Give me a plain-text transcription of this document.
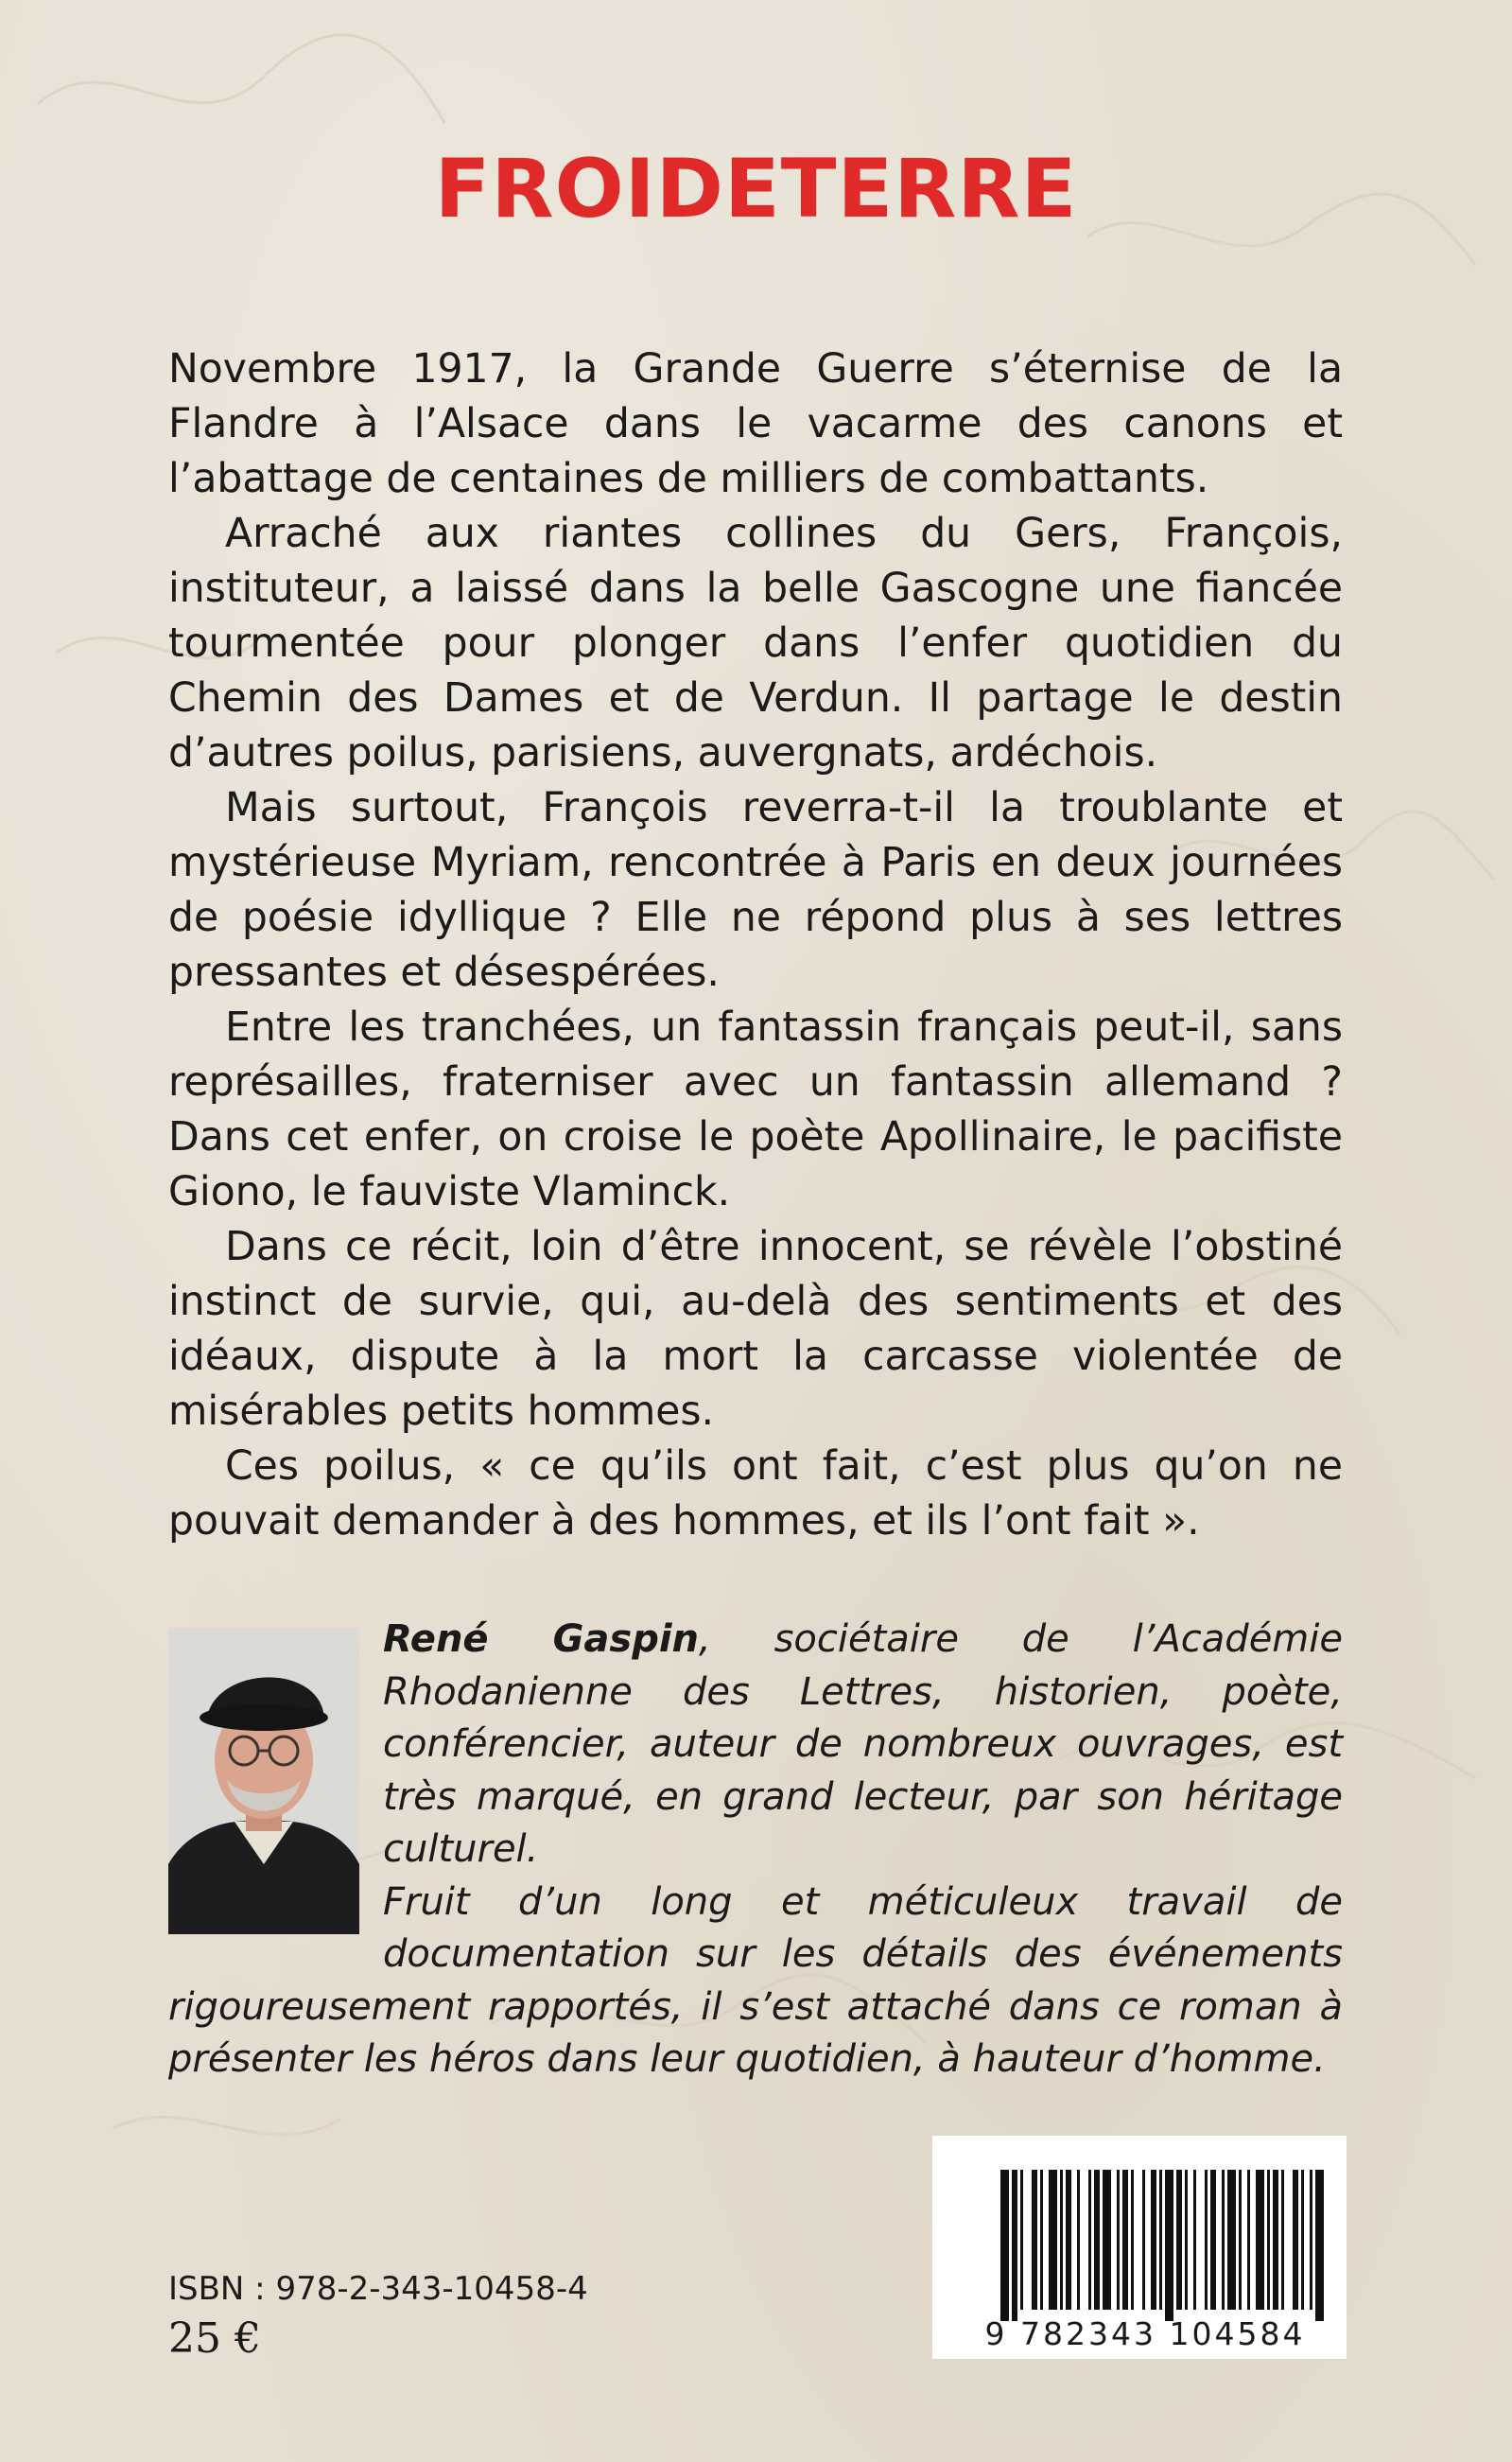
FROIDETERRE

Novembre 1917, la Grande Guerre s’éternise de la Flandre à l’Alsace dans le vacarme des canons et l’abattage de centaines de milliers de combattants.

Arraché aux riantes collines du Gers, François, instituteur, a laissé dans la belle Gascogne une fiancée tourmentée pour plonger dans l’enfer quotidien du Chemin des Dames et de Verdun. Il partage le destin d’autres poilus, parisiens, auvergnats, ardéchois.

Mais surtout, François reverra-t-il la troublante et mystérieuse Myriam, rencontrée à Paris en deux journées de poésie idyllique ? Elle ne répond plus à ses lettres pressantes et désespérées.

Entre les tranchées, un fantassin français peut-il, sans représailles, fraterniser avec un fantassin allemand ? Dans cet enfer, on croise le poète Apollinaire, le pacifiste Giono, le fauviste Vlaminck.

Dans ce récit, loin d’être innocent, se révèle l’obstiné instinct de survie, qui, au-delà des sentiments et des idéaux, dispute à la mort la carcasse violentée de misérables petits hommes.

Ces poilus, « ce qu’ils ont fait, c’est plus qu’on ne pouvait demander à des hommes, et ils l’ont fait ».

René Gaspin, sociétaire de l’Académie Rhodanienne des Lettres, historien, poète, conférencier, auteur de nombreux ouvrages, est très marqué, en grand lecteur, par son héritage culturel.
Fruit d’un long et méticuleux travail de documentation sur les détails des événements rigoureusement rapportés, il s’est attaché dans ce roman à présenter les héros dans leur quotidien, à hauteur d’homme.

ISBN : 978-2-343-10458-4

25 €	9 782343 104584
